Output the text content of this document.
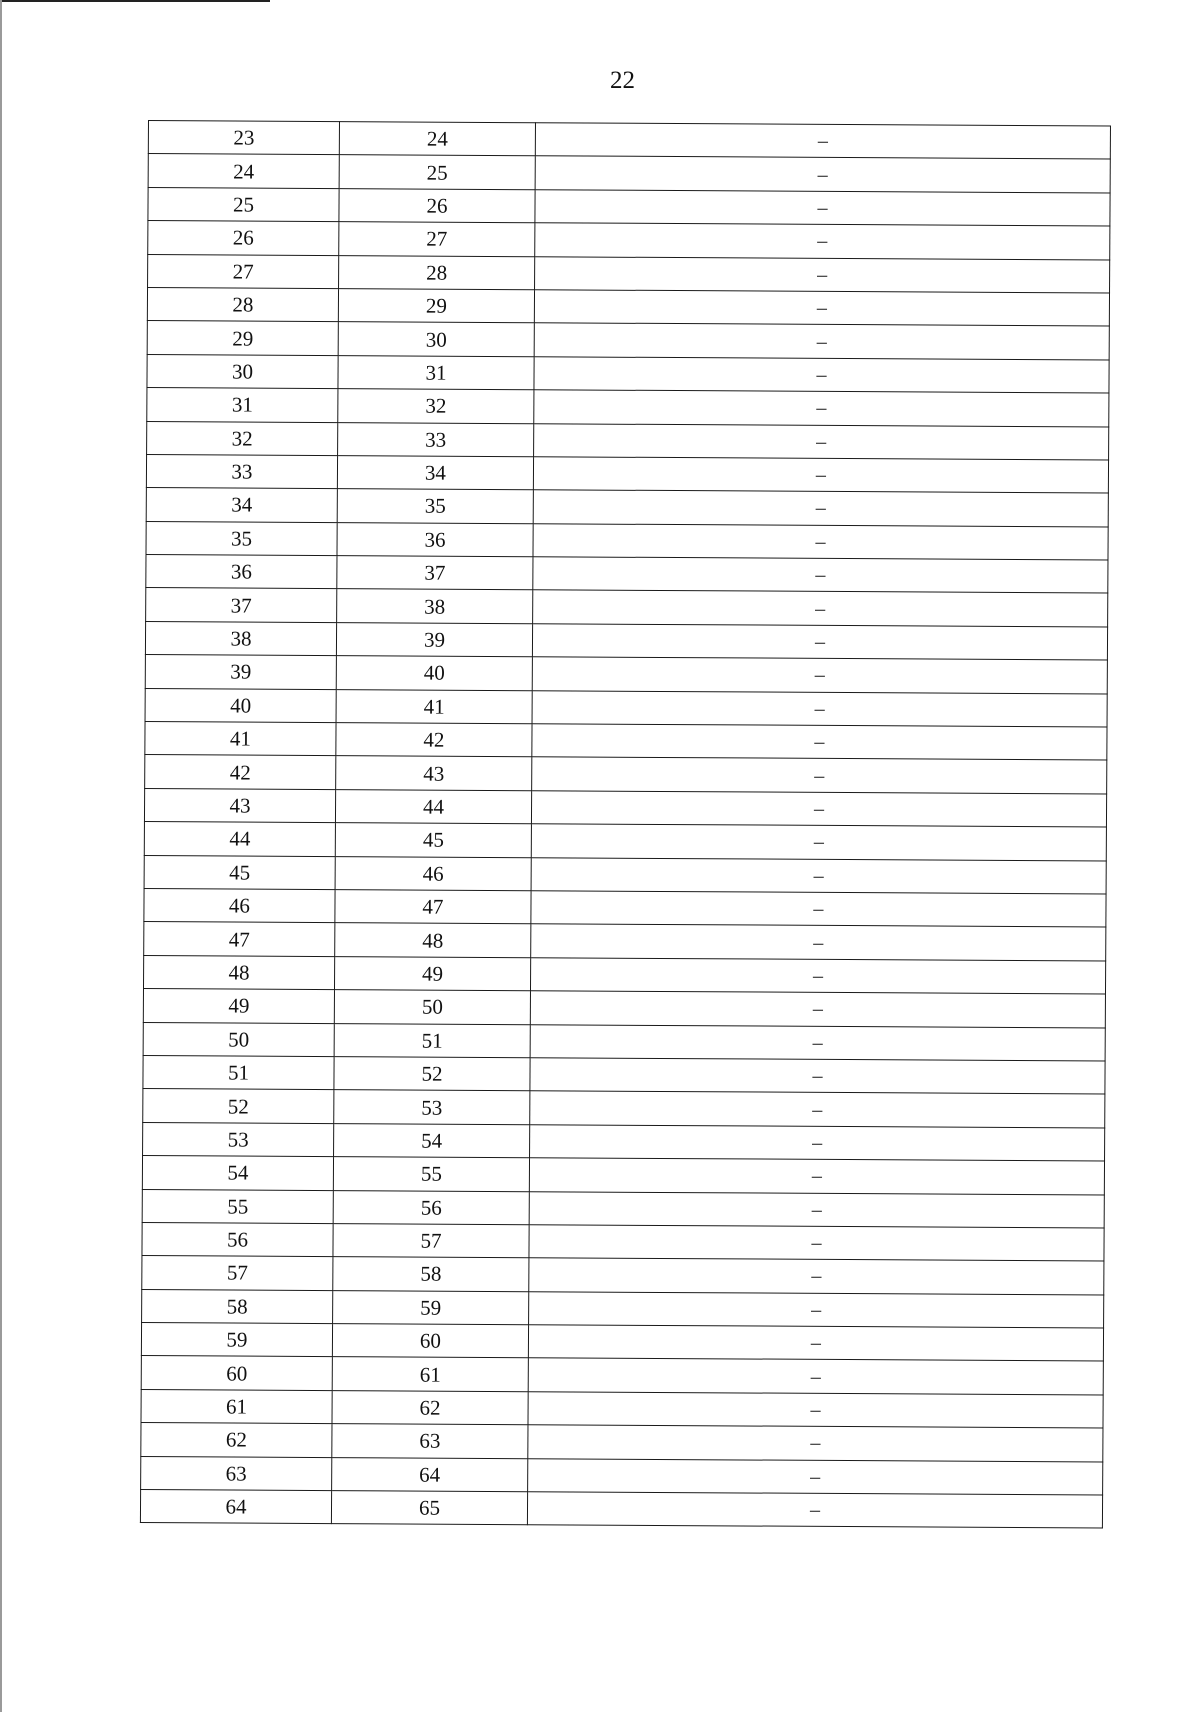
22
23	24	–
24	25	–
25	26	–
26	27	–
27	28	–
28	29	–
29	30	–
30	31	–
31	32	–
32	33	–
33	34	–
34	35	–
35	36	–
36	37	–
37	38	–
38	39	–
39	40	–
40	41	–
41	42	–
42	43	–
43	44	–
44	45	–
45	46	–
46	47	–
47	48	–
48	49	–
49	50	–
50	51	–
51	52	–
52	53	–
53	54	–
54	55	–
55	56	–
56	57	–
57	58	–
58	59	–
59	60	–
60	61	–
61	62	–
62	63	–
63	64	–
64	65	–
